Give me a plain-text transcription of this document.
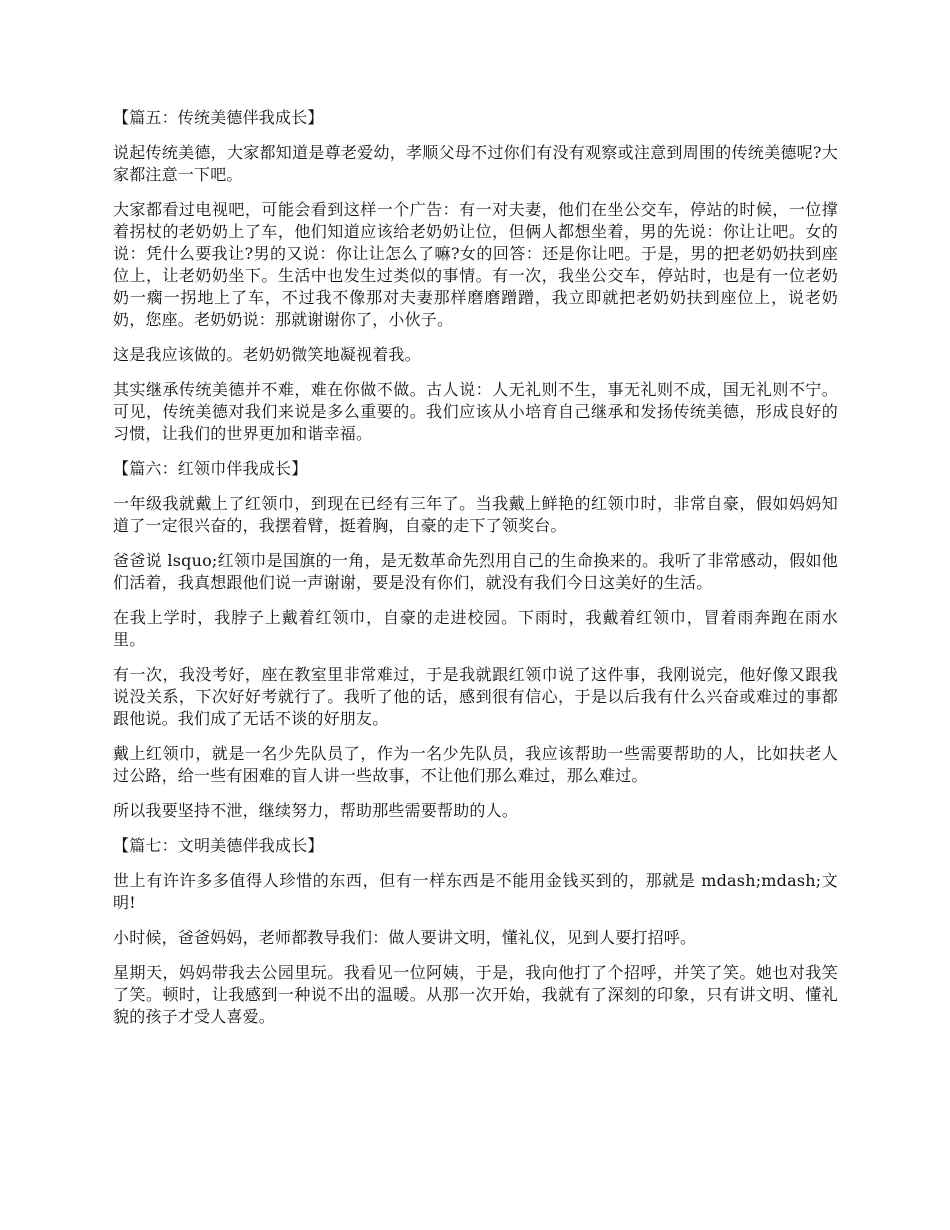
【篇五：传统美德伴我成长】

说起传统美德，大家都知道是尊老爱幼，孝顺父母不过你们有没有观察或注意到周围的传统美德呢?大家都注意一下吧。

大家都看过电视吧，可能会看到这样一个广告：有一对夫妻，他们在坐公交车，停站的时候，一位撑着拐杖的老奶奶上了车，他们知道应该给老奶奶让位，但俩人都想坐着，男的先说：你让让吧。女的说：凭什么要我让?男的又说：你让让怎么了嘛?女的回答：还是你让吧。于是，男的把老奶奶扶到座位上，让老奶奶坐下。生活中也发生过类似的事情。有一次，我坐公交车，停站时，也是有一位老奶奶一瘸一拐地上了车，不过我不像那对夫妻那样磨磨蹭蹭，我立即就把老奶奶扶到座位上，说老奶奶，您座。老奶奶说：那就谢谢你了，小伙子。

这是我应该做的。老奶奶微笑地凝视着我。

其实继承传统美德并不难，难在你做不做。古人说：人无礼则不生，事无礼则不成，国无礼则不宁。可见，传统美德对我们来说是多么重要的。我们应该从小培育自己继承和发扬传统美德，形成良好的习惯，让我们的世界更加和谐幸福。

【篇六：红领巾伴我成长】

一年级我就戴上了红领巾，到现在已经有三年了。当我戴上鲜艳的红领巾时，非常自豪，假如妈妈知道了一定很兴奋的，我摆着臂，挺着胸，自豪的走下了领奖台。

爸爸说 lsquo;红领巾是国旗的一角，是无数革命先烈用自己的生命换来的。我听了非常感动，假如他们活着，我真想跟他们说一声谢谢，要是没有你们，就没有我们今日这美好的生活。

在我上学时，我脖子上戴着红领巾，自豪的走进校园。下雨时，我戴着红领巾，冒着雨奔跑在雨水里。

有一次，我没考好，座在教室里非常难过，于是我就跟红领巾说了这件事，我刚说完，他好像又跟我说没关系，下次好好考就行了。我听了他的话，感到很有信心，于是以后我有什么兴奋或难过的事都跟他说。我们成了无话不谈的好朋友。

戴上红领巾，就是一名少先队员了，作为一名少先队员，我应该帮助一些需要帮助的人，比如扶老人过公路，给一些有困难的盲人讲一些故事，不让他们那么难过，那么难过。

所以我要坚持不泄，继续努力，帮助那些需要帮助的人。

【篇七：文明美德伴我成长】

世上有许许多多值得人珍惜的东西，但有一样东西是不能用金钱买到的，那就是 mdash;mdash;文明!

小时候，爸爸妈妈，老师都教导我们：做人要讲文明，懂礼仪，见到人要打招呼。

星期天，妈妈带我去公园里玩。我看见一位阿姨，于是，我向他打了个招呼，并笑了笑。她也对我笑了笑。顿时，让我感到一种说不出的温暖。从那一次开始，我就有了深刻的印象，只有讲文明、懂礼貌的孩子才受人喜爱。
